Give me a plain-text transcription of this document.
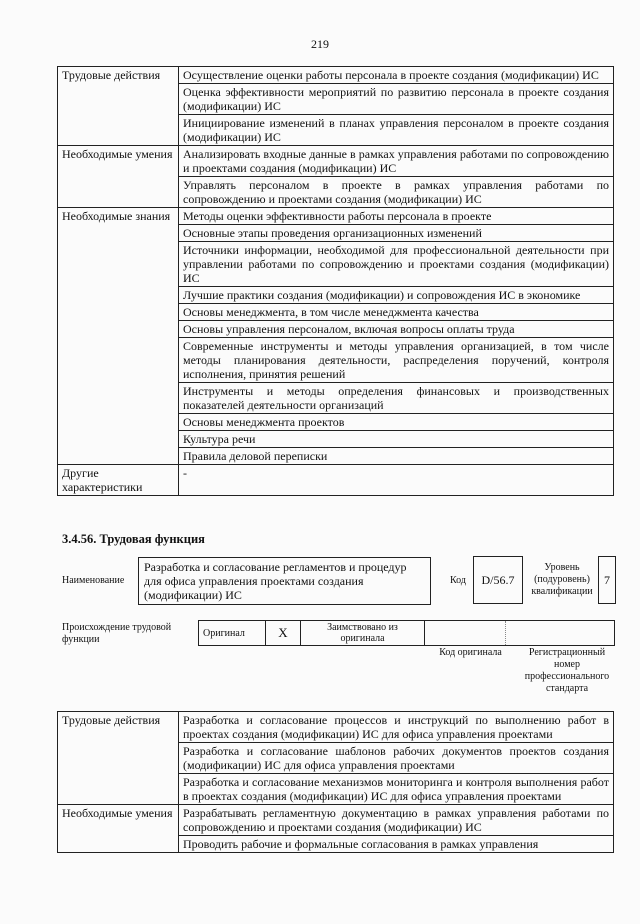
219
Трудовые действия	Осуществление оценки работы персонала в проекте создания (модификации) ИС
	Оценка эффективности мероприятий по развитию персонала в проекте создания (модификации) ИС
	Инициирование изменений в планах управления персоналом в проекте создания (модификации) ИС
Необходимые умения	Анализировать входные данные в рамках управления работами по сопровождению и проектами создания (модификации) ИС
	Управлять персоналом в проекте в рамках управления работами по сопровождению и проектами создания (модификации) ИС
Необходимые знания	Методы оценки эффективности работы персонала в проекте
	Основные этапы проведения организационных изменений
	Источники информации, необходимой для профессиональной деятельности при управлении работами по сопровождению и проектами создания (модификации) ИС
	Лучшие практики создания (модификации) и сопровождения ИС в экономике
	Основы менеджмента, в том числе менеджмента качества
	Основы управления персоналом, включая вопросы оплаты труда
	Современные инструменты и методы управления организацией, в том числе методы планирования деятельности, распределения поручений, контроля исполнения, принятия решений
	Инструменты и методы определения финансовых и производственных показателей деятельности организаций
	Основы менеджмента проектов
	Культура речи
	Правила деловой переписки
Другие характеристики	-
3.4.56. Трудовая функция
Наименование
Разработка и согласование регламентов и процедур для офиса управления проектами создания (модификации) ИС
Код	D/56.7
Уровень (подуровень) квалификации
7
Происхождение трудовой функции
Оригинал	X	Заимствовано из оригинала		
Код оригинала	Регистрационный номер профессионального стандарта
Трудовые действия	Разработка и согласование процессов и инструкций по выполнению работ в проектах создания (модификации) ИС для офиса управления проектами
	Разработка и согласование шаблонов рабочих документов проектов создания (модификации) ИС для офиса управления проектами
	Разработка и согласование механизмов мониторинга и контроля выполнения работ в проектах создания (модификации) ИС для офиса управления проектами
Необходимые умения	Разрабатывать регламентную документацию в рамках управления работами по сопровождению и проектами создания (модификации) ИС
	Проводить рабочие и формальные согласования в рамках управления
